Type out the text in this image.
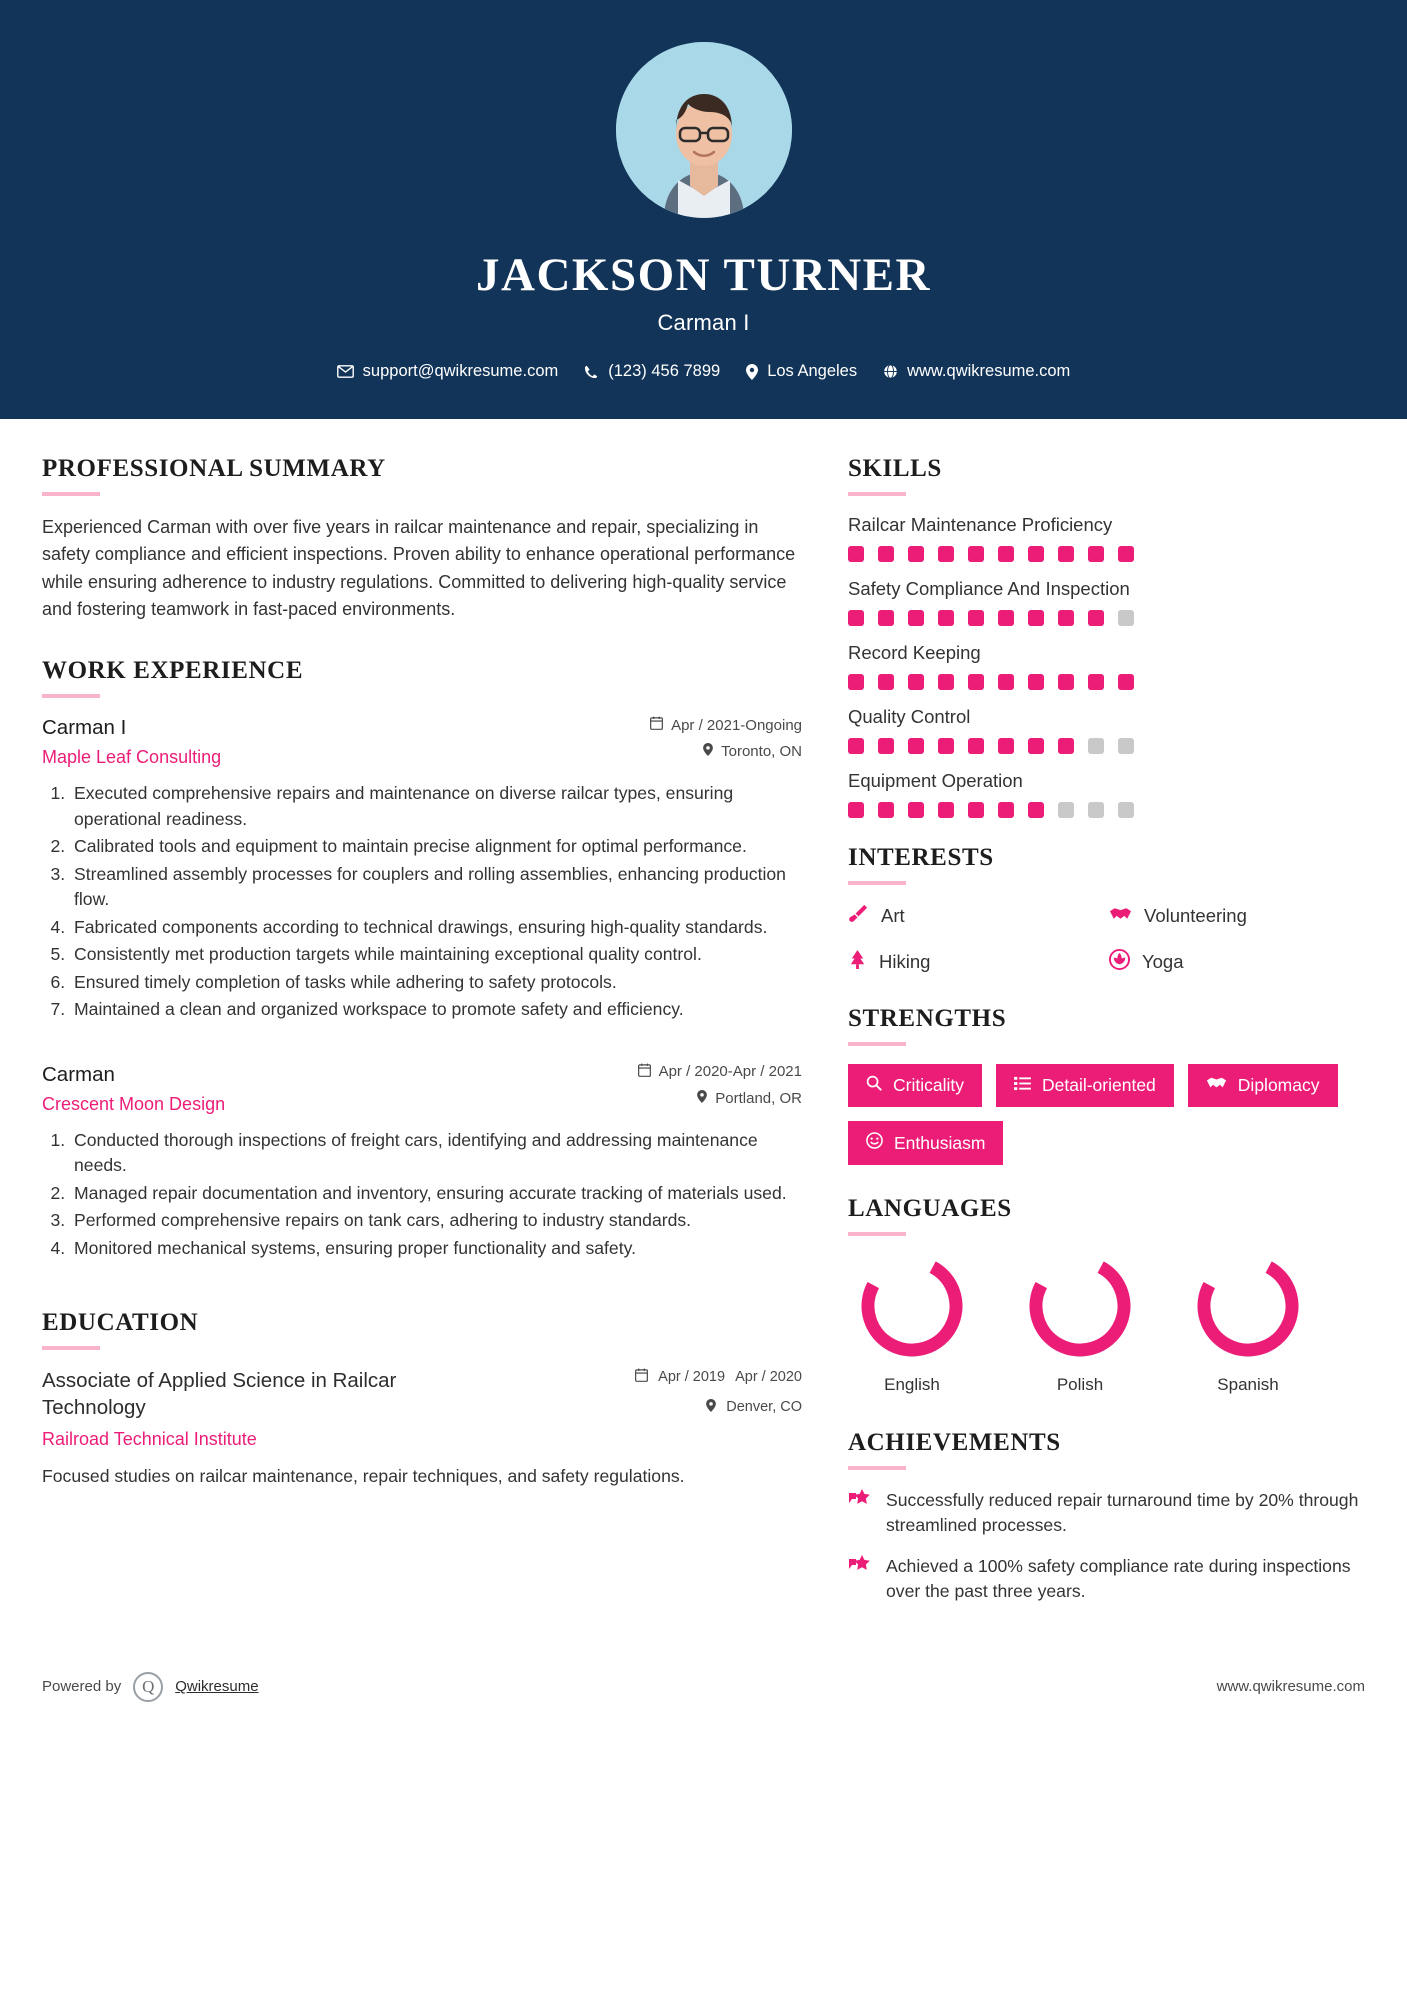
JACKSON TURNER
Carman I
support@qwikresume.com	(123) 456 7899	Los Angeles	www.qwikresume.com
PROFESSIONAL SUMMARY
Experienced Carman with over five years in railcar maintenance and repair, specializing in safety compliance and efficient inspections. Proven ability to enhance operational performance while ensuring adherence to industry regulations. Committed to delivering high-quality service and fostering teamwork in fast-paced environments.
WORK EXPERIENCE
Carman I
Maple Leaf Consulting
Apr / 2021-Ongoing
Toronto, ON
1. Executed comprehensive repairs and maintenance on diverse railcar types, ensuring operational readiness.
2. Calibrated tools and equipment to maintain precise alignment for optimal performance.
3. Streamlined assembly processes for couplers and rolling assemblies, enhancing production flow.
4. Fabricated components according to technical drawings, ensuring high-quality standards.
5. Consistently met production targets while maintaining exceptional quality control.
6. Ensured timely completion of tasks while adhering to safety protocols.
7. Maintained a clean and organized workspace to promote safety and efficiency.
Carman
Crescent Moon Design
Apr / 2020-Apr / 2021
Portland, OR
1. Conducted thorough inspections of freight cars, identifying and addressing maintenance needs.
2. Managed repair documentation and inventory, ensuring accurate tracking of materials used.
3. Performed comprehensive repairs on tank cars, adhering to industry standards.
4. Monitored mechanical systems, ensuring proper functionality and safety.
EDUCATION
Associate of Applied Science in Railcar Technology
Railroad Technical Institute
Apr / 2019 Apr / 2020
Denver, CO
Focused studies on railcar maintenance, repair techniques, and safety regulations.
SKILLS
Railcar Maintenance Proficiency
Safety Compliance And Inspection
Record Keeping
Quality Control
Equipment Operation
INTERESTS
Art	Volunteering
Hiking	Yoga
STRENGTHS
Criticality	Detail-oriented	Diplomacy
Enthusiasm
LANGUAGES
English	Polish	Spanish
ACHIEVEMENTS
Successfully reduced repair turnaround time by 20% through streamlined processes.
Achieved a 100% safety compliance rate during inspections over the past three years.
Powered by	Q	Qwikresume	www.qwikresume.com
